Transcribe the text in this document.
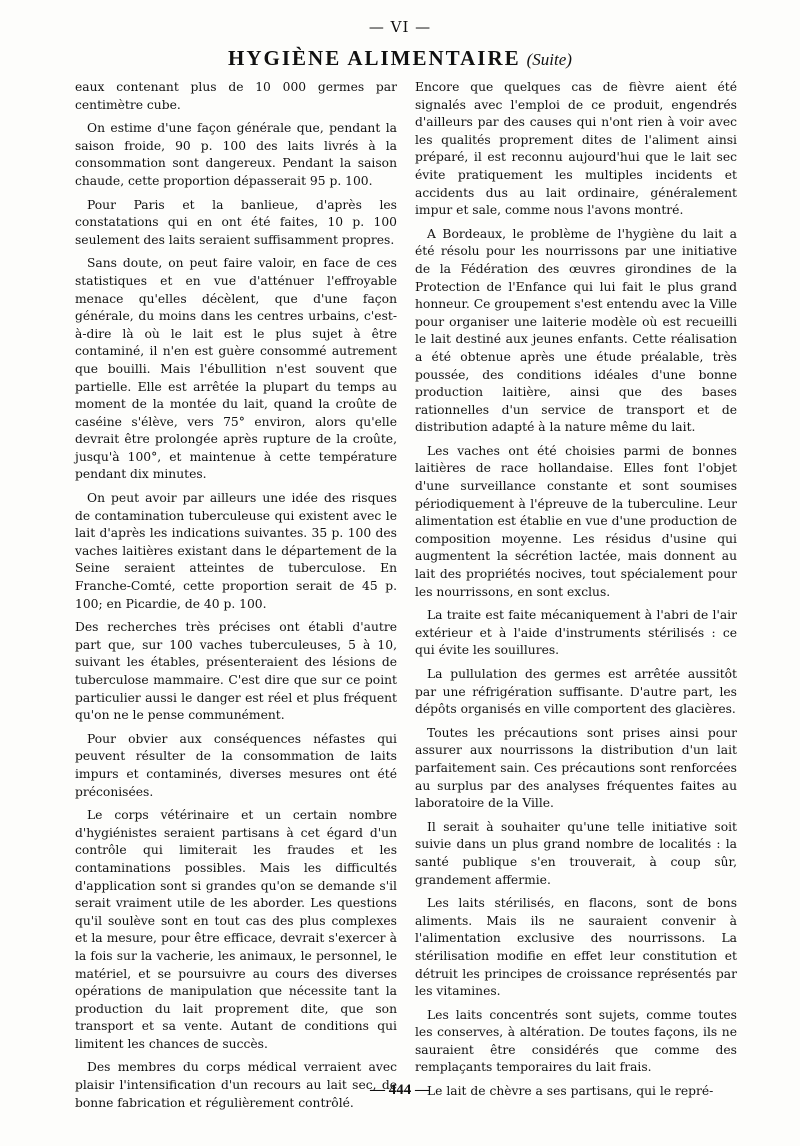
— VI —
HYGIÈNE ALIMENTAIRE (Suite)

eaux contenant plus de 10 000 germes par centimètre cube.

On estime d'une façon générale que, pendant la saison froide, 90 p. 100 des laits livrés à la consommation sont dangereux. Pendant la saison chaude, cette proportion dépasserait 95 p. 100.

Pour Paris et la banlieue, d'après les constatations qui en ont été faites, 10 p. 100 seulement des laits seraient suffisamment propres.

Sans doute, on peut faire valoir, en face de ces statistiques et en vue d'atténuer l'effroyable menace qu'elles décèlent, que d'une façon générale, du moins dans les centres urbains, c'est-à-dire là où le lait est le plus sujet à être contaminé, il n'en est guère consommé autrement que bouilli. Mais l'ébullition n'est souvent que partielle. Elle est arrêtée la plupart du temps au moment de la montée du lait, quand la croûte de caséine s'élève, vers 75° environ, alors qu'elle devrait être prolongée après rupture de la croûte, jusqu'à 100°, et maintenue à cette température pendant dix minutes.

On peut avoir par ailleurs une idée des risques de contamination tuberculeuse qui existent avec le lait d'après les indications suivantes. 35 p. 100 des vaches laitières existant dans le département de la Seine seraient atteintes de tuberculose. En Franche-Comté, cette proportion serait de 45 p. 100; en Picardie, de 40 p. 100.

Des recherches très précises ont établi d'autre part que, sur 100 vaches tuberculeuses, 5 à 10, suivant les étables, présenteraient des lésions de tuberculose mammaire. C'est dire que sur ce point particulier aussi le danger est réel et plus fréquent qu'on ne le pense communément.

Pour obvier aux conséquences néfastes qui peuvent résulter de la consommation de laits impurs et contaminés, diverses mesures ont été préconisées.

Le corps vétérinaire et un certain nombre d'hygiénistes seraient partisans à cet égard d'un contrôle qui limiterait les fraudes et les contaminations possibles. Mais les difficultés d'application sont si grandes qu'on se demande s'il serait vraiment utile de les aborder. Les questions qu'il soulève sont en tout cas des plus complexes et la mesure, pour être efficace, devrait s'exercer à la fois sur la vacherie, les animaux, le personnel, le matériel, et se poursuivre au cours des diverses opérations de manipulation que nécessite tant la production du lait proprement dite, que son transport et sa vente. Autant de conditions qui limitent les chances de succès.

Des membres du corps médical verraient avec plaisir l'intensification d'un recours au lait sec, de bonne fabrication et régulièrement contrôlé.

Encore que quelques cas de fièvre aient été signalés avec l'emploi de ce produit, engendrés d'ailleurs par des causes qui n'ont rien à voir avec les qualités proprement dites de l'aliment ainsi préparé, il est reconnu aujourd'hui que le lait sec évite pratiquement les multiples incidents et accidents dus au lait ordinaire, généralement impur et sale, comme nous l'avons montré.

A Bordeaux, le problème de l'hygiène du lait a été résolu pour les nourrissons par une initiative de la Fédération des œuvres girondines de la Protection de l'Enfance qui lui fait le plus grand honneur. Ce groupement s'est entendu avec la Ville pour organiser une laiterie modèle où est recueilli le lait destiné aux jeunes enfants. Cette réalisation a été obtenue après une étude préalable, très poussée, des conditions idéales d'une bonne production laitière, ainsi que des bases rationnelles d'un service de transport et de distribution adapté à la nature même du lait.

Les vaches ont été choisies parmi de bonnes laitières de race hollandaise. Elles font l'objet d'une surveillance constante et sont soumises périodiquement à l'épreuve de la tuberculine. Leur alimentation est établie en vue d'une production de composition moyenne. Les résidus d'usine qui augmentent la sécrétion lactée, mais donnent au lait des propriétés nocives, tout spécialement pour les nourrissons, en sont exclus.

La traite est faite mécaniquement à l'abri de l'air extérieur et à l'aide d'instruments stérilisés : ce qui évite les souillures.

La pullulation des germes est arrêtée aussitôt par une réfrigération suffisante. D'autre part, les dépôts organisés en ville comportent des glacières.

Toutes les précautions sont prises ainsi pour assurer aux nourrissons la distribution d'un lait parfaitement sain. Ces précautions sont renforcées au surplus par des analyses fréquentes faites au laboratoire de la Ville.

Il serait à souhaiter qu'une telle initiative soit suivie dans un plus grand nombre de localités : la santé publique s'en trouverait, à coup sûr, grandement affermie.

Les laits stérilisés, en flacons, sont de bons aliments. Mais ils ne sauraient convenir à l'alimentation exclusive des nourrissons. La stérilisation modifie en effet leur constitution et détruit les principes de croissance représentés par les vitamines.

Les laits concentrés sont sujets, comme toutes les conserves, à altération. De toutes façons, ils ne sauraient être considérés que comme des remplaçants temporaires du lait frais.

Le lait de chèvre a ses partisans, qui le repré-

— 444 —
